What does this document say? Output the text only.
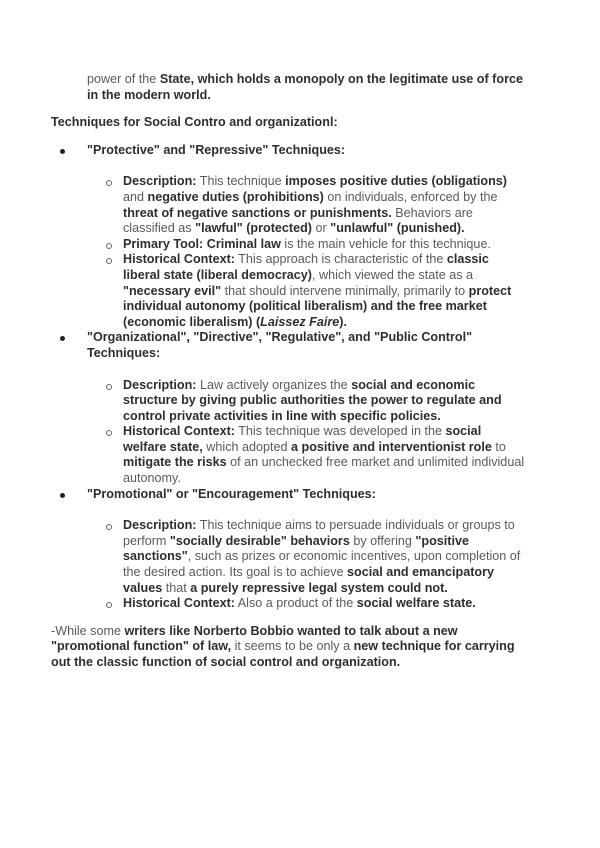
power of the State, which holds a monopoly on the legitimate use of force in the modern world.

Techniques for Social Contro and organizationl:

"Protective" and "Repressive" Techniques:
Description: This technique imposes positive duties (obligations) and negative duties (prohibitions) on individuals, enforced by the threat of negative sanctions or punishments. Behaviors are classified as "lawful" (protected) or "unlawful" (punished).
Primary Tool: Criminal law is the main vehicle for this technique.
Historical Context: This approach is characteristic of the classic liberal state (liberal democracy), which viewed the state as a "necessary evil" that should intervene minimally, primarily to protect individual autonomy (political liberalism) and the free market (economic liberalism) (Laissez Faire).
"Organizational", "Directive", "Regulative", and "Public Control" Techniques:
Description: Law actively organizes the social and economic structure by giving public authorities the power to regulate and control private activities in line with specific policies.
Historical Context: This technique was developed in the social welfare state, which adopted a positive and interventionist role to mitigate the risks of an unchecked free market and unlimited individual autonomy.
"Promotional" or "Encouragement" Techniques:
Description: This technique aims to persuade individuals or groups to perform "socially desirable" behaviors by offering "positive sanctions", such as prizes or economic incentives, upon completion of the desired action. Its goal is to achieve social and emancipatory values that a purely repressive legal system could not.
Historical Context: Also a product of the social welfare state.

-While some writers like Norberto Bobbio wanted to talk about a new "promotional function" of law, it seems to be only a new technique for carrying out the classic function of social control and organization.
